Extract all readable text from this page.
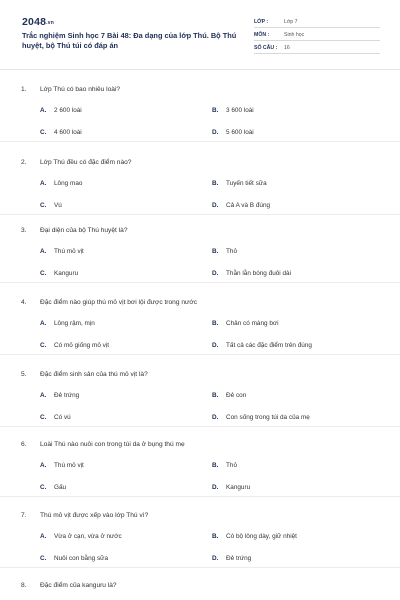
2048.vn
Trắc nghiệm Sinh học 7 Bài 48: Đa dạng của lớp Thú. Bộ Thú huyệt, bộ Thú túi có đáp án
LỚP :	Lớp 7
MÔN :	Sinh học
SỐ CÂU : 16
1. Lớp Thú có bao nhiêu loài?
A. 2 600 loài	B. 3 600 loài
C. 4 600 loài	D. 5 600 loài
2. Lớp Thú đều có đặc điểm nào?
A. Lông mao	B. Tuyến tiết sữa
C. Vú	D. Cả A và B đúng
3. Đại diện của bộ Thú huyệt là?
A. Thú mỏ vịt	B. Thỏ
C. Kanguru	D. Thằn lằn bóng đuôi dài
4. Đặc điểm nào giúp thú mỏ vịt bơi lội được trong nước
A. Lông rậm, mịn	B. Chân có màng bơi
C. Có mỏ giống mỏ vịt	D. Tất cả các đặc điểm trên đúng
5. Đặc điểm sinh sản của thú mỏ vịt là?
A. Đẻ trứng	B. Đẻ con
C. Có vú	D. Con sống trong túi da của mẹ
6. Loài Thú nào nuôi con trong túi da ở bụng thú mẹ
A. Thú mỏ vịt	B. Thỏ
C. Gấu	D. Kanguru
7. Thú mỏ vịt được xếp vào lớp Thú vì?
A. Vừa ở cạn, vừa ở nước	B. Có bộ lông dày, giữ nhiệt
C. Nuôi con bằng sữa	D. Đẻ trứng
8. Đặc điểm của kanguru là?
